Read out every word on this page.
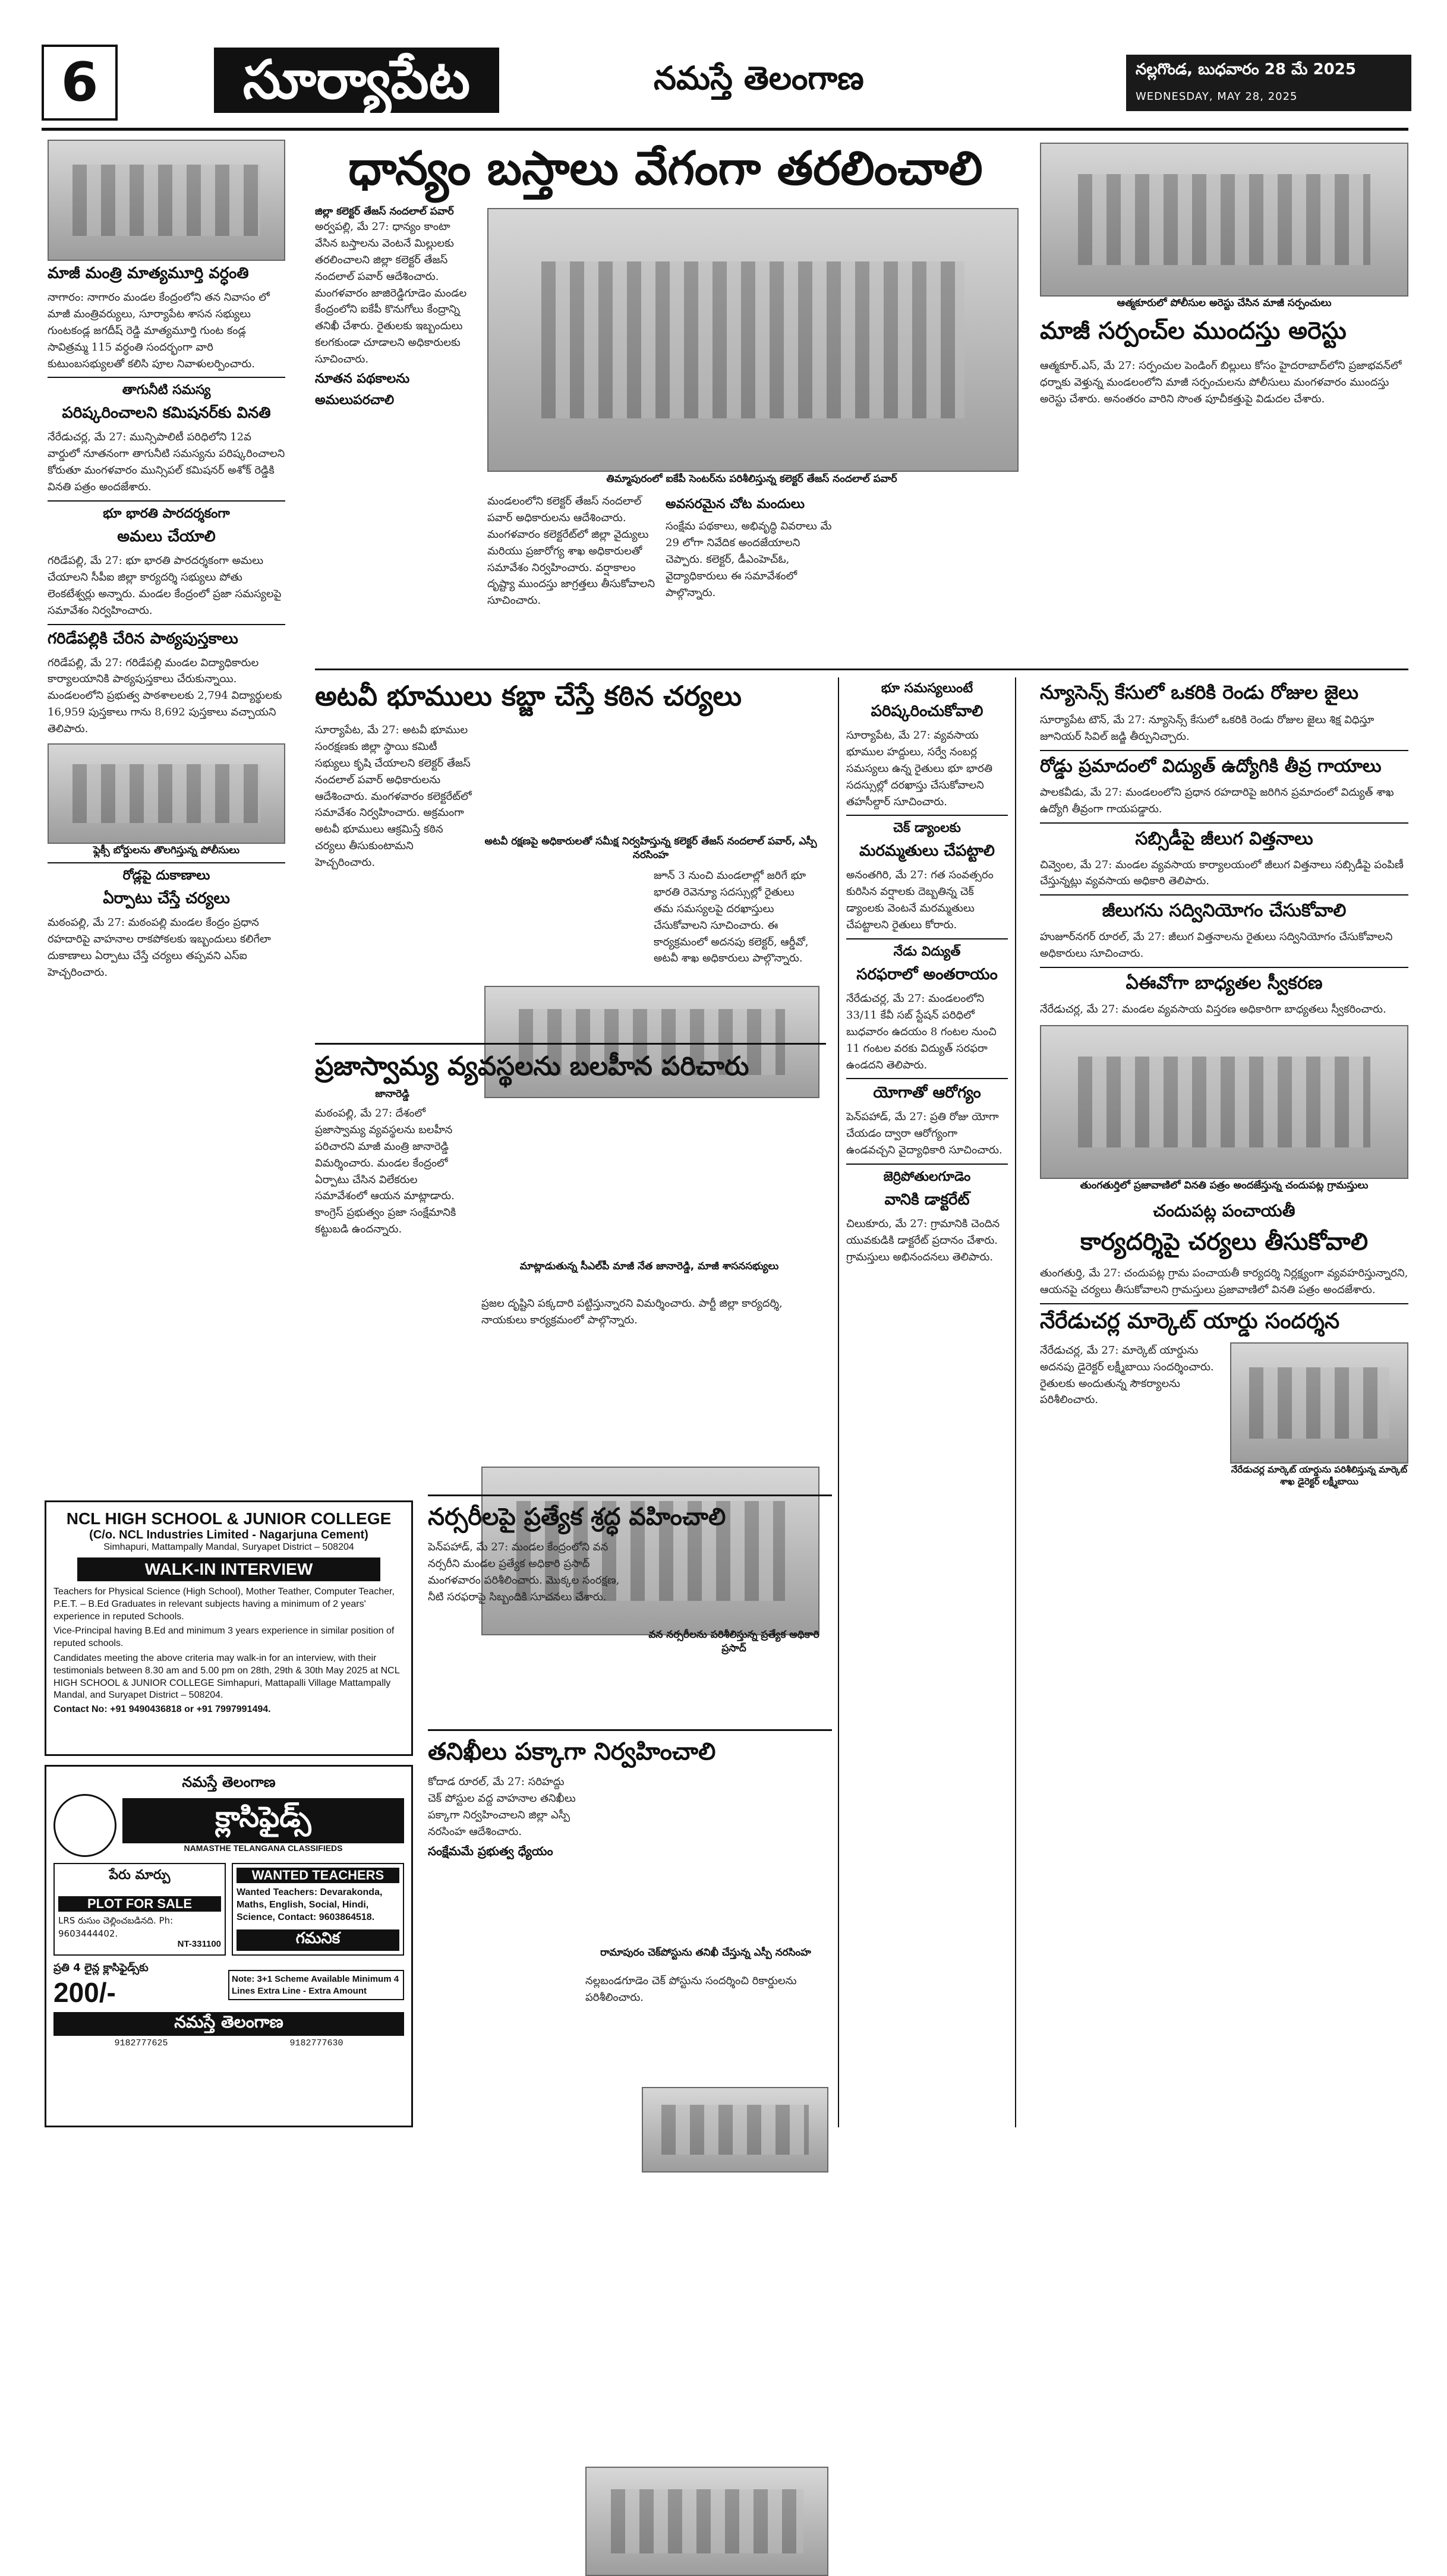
6	సూర్యాపేట	నమస్తే తెలంగాణ	నల్లగొండ, బుధవారం 28 మే 2025
WEDNESDAY, MAY 28, 2025
మాజీ మంత్రి మాత్యమూర్తి వర్ధంతి
నాగారం: నాగారం మండల కేంద్రంలోని తన నివాసం లో మాజీ మంత్రివర్యులు, సూర్యాపేట శాసన సభ్యులు గుంటకండ్ల జగదీష్ రెడ్డి మాత్యమూర్తి గుంట కండ్ల సావిత్రమ్మ 115 వర్ధంతి సందర్భంగా వారి కుటుంబసభ్యులతో కలిసి పూల నివాళులర్పించారు.
తాగునీటి సమస్య
పరిష్కరించాలని కమిషనర్‌కు వినతి
నేరేడుచర్ల, మే 27: మున్సిపాలిటీ పరిధిలోని 12వ వార్డులో నూతనంగా తాగునీటి సమస్యను పరిష్కరించాలని కోరుతూ మంగళవారం మున్సిపల్ కమిషనర్ అశోక్ రెడ్డికి వినతి పత్రం అందజేశారు.
భూ భారతి పారదర్శకంగా
అమలు చేయాలి
గరిడేపల్లి, మే 27: భూ భారతి పారదర్శకంగా అమలు చేయాలని సీపీఐ జిల్లా కార్యదర్శి సభ్యులు పోతు లెంకటేశ్వర్లు అన్నారు. మండల కేంద్రంలో ప్రజా సమస్యలపై సమావేశం నిర్వహించారు.
గరిడేపల్లికి చేరిన పాఠ్యపుస్తకాలు
గరిడేపల్లి, మే 27: గరిడేపల్లి మండల విద్యాధికారుల కార్యాలయానికి పాఠ్యపుస్తకాలు చేరుకున్నాయి. మండలంలోని ప్రభుత్వ పాఠశాలలకు 2,794 విద్యార్థులకు 16,959 పుస్తకాలు గాను 8,692 పుస్తకాలు వచ్చాయని తెలిపారు.
ఫ్లెక్సీ బోర్డులను తొలగిస్తున్న పోలీసులు
రోడ్లపై దుకాణాలు
ఏర్పాటు చేస్తే చర్యలు
మఠంపల్లి, మే 27: మఠంపల్లి మండల కేంద్రం ప్రధాన రహదారిపై వాహనాల రాకపోకలకు ఇబ్బందులు కలిగేలా దుకాణాలు ఏర్పాటు చేస్తే చర్యలు తప్పవని ఎస్ఐ హెచ్చరించారు.
ధాన్యం బస్తాలు వేగంగా తరలించాలి
జిల్లా కలెక్టర్ తేజస్ నందలాల్ పవార్
అర్వపల్లి, మే 27: ధాన్యం కాంటా వేసిన బస్తాలను వెంటనే మిల్లులకు తరలించాలని జిల్లా కలెక్టర్ తేజస్ నందలాల్ పవార్ ఆదేశించారు. మంగళవారం జాజిరెడ్డిగూడెం మండల కేంద్రంలోని ఐకేపీ కొనుగోలు కేంద్రాన్ని తనిఖీ చేశారు. రైతులకు ఇబ్బందులు కలగకుండా చూడాలని అధికారులకు సూచించారు.
నూతన పథకాలను
అమలుపరచాలి
తిమ్మాపురంలో ఐకేపీ సెంటర్‌ను పరిశీలిస్తున్న కలెక్టర్ తేజస్ నందలాల్ పవార్
మండలంలోని కలెక్టర్ తేజస్ నందలాల్ పవార్ అధికారులను ఆదేశించారు. మంగళవారం కలెక్టరేట్‌లో జిల్లా వైద్యులు మరియు ప్రజారోగ్య శాఖ అధికారులతో సమావేశం నిర్వహించారు. వర్షాకాలం దృష్ట్యా ముందస్తు జాగ్రత్తలు తీసుకోవాలని సూచించారు.
అవసరమైన చోట మందులు
సంక్షేమ పథకాలు, అభివృద్ధి వివరాలు మే 29 లోగా నివేదిక అందజేయాలని చెప్పారు. కలెక్టర్, డీఎంహెచ్ఓ, వైద్యాధికారులు ఈ సమావేశంలో పాల్గొన్నారు.
ఆత్మకూరులో పోలీసుల అరెస్టు చేసిన మాజీ సర్పంచులు
మాజీ సర్పంచ్‌ల ముందస్తు అరెస్టు
ఆత్మకూర్.ఎస్, మే 27: సర్పంచుల పెండింగ్ బిల్లులు కోసం హైదరాబాద్‌లోని ప్రజాభవన్‌లో ధర్నాకు వెళ్తున్న మండలంలోని మాజీ సర్పంచులను పోలీసులు మంగళవారం ముందస్తు అరెస్టు చేశారు. అనంతరం వారిని సొంత పూచీకత్తుపై విడుదల చేశారు.
అటవీ భూములు కబ్జా చేస్తే కఠిన చర్యలు
సూర్యాపేట, మే 27: అటవీ భూముల సంరక్షణకు జిల్లా స్థాయి కమిటీ సభ్యులు కృషి చేయాలని కలెక్టర్ తేజస్ నందలాల్ పవార్ అధికారులను ఆదేశించారు. మంగళవారం కలెక్టరేట్‌లో సమావేశం నిర్వహించారు. అక్రమంగా అటవీ భూములు ఆక్రమిస్తే కఠిన చర్యలు తీసుకుంటామని హెచ్చరించారు.
అటవీ రక్షణపై అధికారులతో సమీక్ష నిర్వహిస్తున్న కలెక్టర్ తేజస్ నందలాల్ పవార్, ఎస్పీ నరసింహ
జూన్ 3 నుంచి మండలాల్లో జరిగే భూ భారతి రెవెన్యూ సదస్సుల్లో రైతులు తమ సమస్యలపై దరఖాస్తులు చేసుకోవాలని సూచించారు. ఈ కార్యక్రమంలో అదనపు కలెక్టర్, ఆర్డీవో, అటవీ శాఖ అధికారులు పాల్గొన్నారు.
ప్రజాస్వామ్య వ్యవస్థలను బలహీన పరిచారు
జానారెడ్డి
మఠంపల్లి, మే 27: దేశంలో ప్రజాస్వామ్య వ్యవస్థలను బలహీన పరిచారని మాజీ మంత్రి జానారెడ్డి విమర్శించారు. మండల కేంద్రంలో ఏర్పాటు చేసిన విలేకరుల సమావేశంలో ఆయన మాట్లాడారు. కాంగ్రెస్ ప్రభుత్వం ప్రజా సంక్షేమానికి కట్టుబడి ఉందన్నారు.
మాట్లాడుతున్న సీఎల్‌పీ మాజీ నేత జానారెడ్డి, మాజీ శాసనసభ్యులు
ప్రజల దృష్టిని పక్కదారి పట్టిస్తున్నారని విమర్శించారు. పార్టీ జిల్లా కార్యదర్శి, నాయకులు కార్యక్రమంలో పాల్గొన్నారు.
భూ సమస్యలుంటే
పరిష్కరించుకోవాలి
సూర్యాపేట, మే 27: వ్యవసాయ భూముల హద్దులు, సర్వే నంబర్ల సమస్యలు ఉన్న రైతులు భూ భారతి సదస్సుల్లో దరఖాస్తు చేసుకోవాలని తహసీల్దార్ సూచించారు.
చెక్ డ్యాంలకు
మరమ్మతులు చేపట్టాలి
అనంతగిరి, మే 27: గత సంవత్సరం కురిసిన వర్షాలకు దెబ్బతిన్న చెక్ డ్యాంలకు వెంటనే మరమ్మతులు చేపట్టాలని రైతులు కోరారు.
నేడు విద్యుత్
సరఫరాలో అంతరాయం
నేరేడుచర్ల, మే 27: మండలంలోని 33/11 కేవీ సబ్ స్టేషన్ పరిధిలో బుధవారం ఉదయం 8 గంటల నుంచి 11 గంటల వరకు విద్యుత్ సరఫరా ఉండదని తెలిపారు.
యోగాతో ఆరోగ్యం
పెన్‌పహాడ్, మే 27: ప్రతి రోజు యోగా చేయడం ద్వారా ఆరోగ్యంగా ఉండవచ్చని వైద్యాధికారి సూచించారు.
జెర్రిపోతులగూడెం
వానికి డాక్టరేట్
చిలుకూరు, మే 27: గ్రామానికి చెందిన యువకుడికి డాక్టరేట్ ప్రదానం చేశారు. గ్రామస్తులు అభినందనలు తెలిపారు.
నర్సరీలపై ప్రత్యేక శ్రద్ధ వహించాలి
పెన్‌పహాడ్, మే 27: మండల కేంద్రంలోని వన నర్సరీని మండల ప్రత్యేక అధికారి ప్రసాద్ మంగళవారం పరిశీలించారు. మొక్కల సంరక్షణ, నీటి సరఫరాపై సిబ్బందికి సూచనలు చేశారు.
వన నర్సరీలను పరిశీలిస్తున్న ప్రత్యేక అధికారి ప్రసాద్
తనిఖీలు పక్కాగా నిర్వహించాలి
కోదాడ రూరల్, మే 27: సరిహద్దు చెక్ పోస్టుల వద్ద వాహనాల తనిఖీలు పక్కాగా నిర్వహించాలని జిల్లా ఎస్పీ నరసింహ ఆదేశించారు.
సంక్షేమమే ప్రభుత్వ ధ్యేయం
రామాపురం చెక్‌పోస్టును తనిఖీ చేస్తున్న ఎస్పీ నరసింహ
నల్లబండగూడెం చెక్ పోస్టును సందర్శించి రికార్డులను పరిశీలించారు.
న్యూసెన్స్ కేసులో ఒకరికి రెండు రోజుల జైలు
సూర్యాపేట టౌన్, మే 27: న్యూసెన్స్ కేసులో ఒకరికి రెండు రోజుల జైలు శిక్ష విధిస్తూ జూనియర్ సివిల్ జడ్జి తీర్పునిచ్చారు.
రోడ్డు ప్రమాదంలో విద్యుత్ ఉద్యోగికి తీవ్ర గాయాలు
పాలకవీడు, మే 27: మండలంలోని ప్రధాన రహదారిపై జరిగిన ప్రమాదంలో విద్యుత్ శాఖ ఉద్యోగి తీవ్రంగా గాయపడ్డారు.
సబ్సిడీపై జీలుగ విత్తనాలు
చివ్వెంల, మే 27: మండల వ్యవసాయ కార్యాలయంలో జీలుగ విత్తనాలు సబ్సిడీపై పంపిణీ చేస్తున్నట్లు వ్యవసాయ అధికారి తెలిపారు.
జీలుగను సద్వినియోగం చేసుకోవాలి
హుజూర్‌నగర్ రూరల్, మే 27: జీలుగ విత్తనాలను రైతులు సద్వినియోగం చేసుకోవాలని అధికారులు సూచించారు.
ఏఈవోగా బాధ్యతల స్వీకరణ
నేరేడుచర్ల, మే 27: మండల వ్యవసాయ విస్తరణ అధికారిగా బాధ్యతలు స్వీకరించారు.
తుంగతుర్తిలో ప్రజావాణిలో వినతి పత్రం అందజేస్తున్న చందుపట్ల గ్రామస్తులు
చందుపట్ల పంచాయతీ
కార్యదర్శిపై చర్యలు తీసుకోవాలి
తుంగతుర్తి, మే 27: చందుపట్ల గ్రామ పంచాయతీ కార్యదర్శి నిర్లక్ష్యంగా వ్యవహరిస్తున్నారని, ఆయనపై చర్యలు తీసుకోవాలని గ్రామస్తులు ప్రజావాణిలో వినతి పత్రం అందజేశారు.
నేరేడుచర్ల మార్కెట్ యార్డు సందర్శన
నేరేడుచర్ల, మే 27: మార్కెట్ యార్డును అదనపు డైరెక్టర్ లక్ష్మీబాయి సందర్శించారు. రైతులకు అందుతున్న సౌకర్యాలను పరిశీలించారు.
నేరేడుచర్ల మార్కెట్ యార్డును పరిశీలిస్తున్న మార్కెట్ శాఖ డైరెక్టర్ లక్ష్మీబాయి
NCL HIGH SCHOOL & JUNIOR COLLEGE
(C/o. NCL Industries Limited - Nagarjuna Cement)
Simhapuri, Mattampally Mandal, Suryapet District – 508204
WALK-IN INTERVIEW
Teachers for Physical Science (High School), Mother Teather, Computer Teacher, P.E.T. – B.Ed Graduates in relevant subjects having a minimum of 2 years' experience in reputed Schools.
Vice-Principal having B.Ed and minimum 3 years experience in similar position of reputed schools.
Candidates meeting the above criteria may walk-in for an interview, with their testimonials between 8.30 am and 5.00 pm on 28th, 29th & 30th May 2025 at NCL HIGH SCHOOL & JUNIOR COLLEGE Simhapuri, Mattapalli Village Mattampally Mandal, and Suryapet District – 508204.
Contact No: +91 9490436818 or +91 7997991494.
నమస్తే తెలంగాణ
క్లాసిఫైడ్స్
NAMASTHE TELANGANA CLASSIFIEDS
పేరు మార్పు
PLOT FOR SALE
LRS రుసుం చెల్లించబడినది. Ph: 9603444402.
NT-331100
WANTED TEACHERS
Wanted Teachers: Devarakonda, Maths, English, Social, Hindi, Science, Contact: 9603864518.
గమనిక
ప్రతి 4 లైన్ల క్లాసిఫైడ్స్‌కు
200/-	Note: 3+1 Scheme Available Minimum 4 Lines Extra Line - Extra Amount
నమస్తే తెలంగాణ
9182777625	9182777630
